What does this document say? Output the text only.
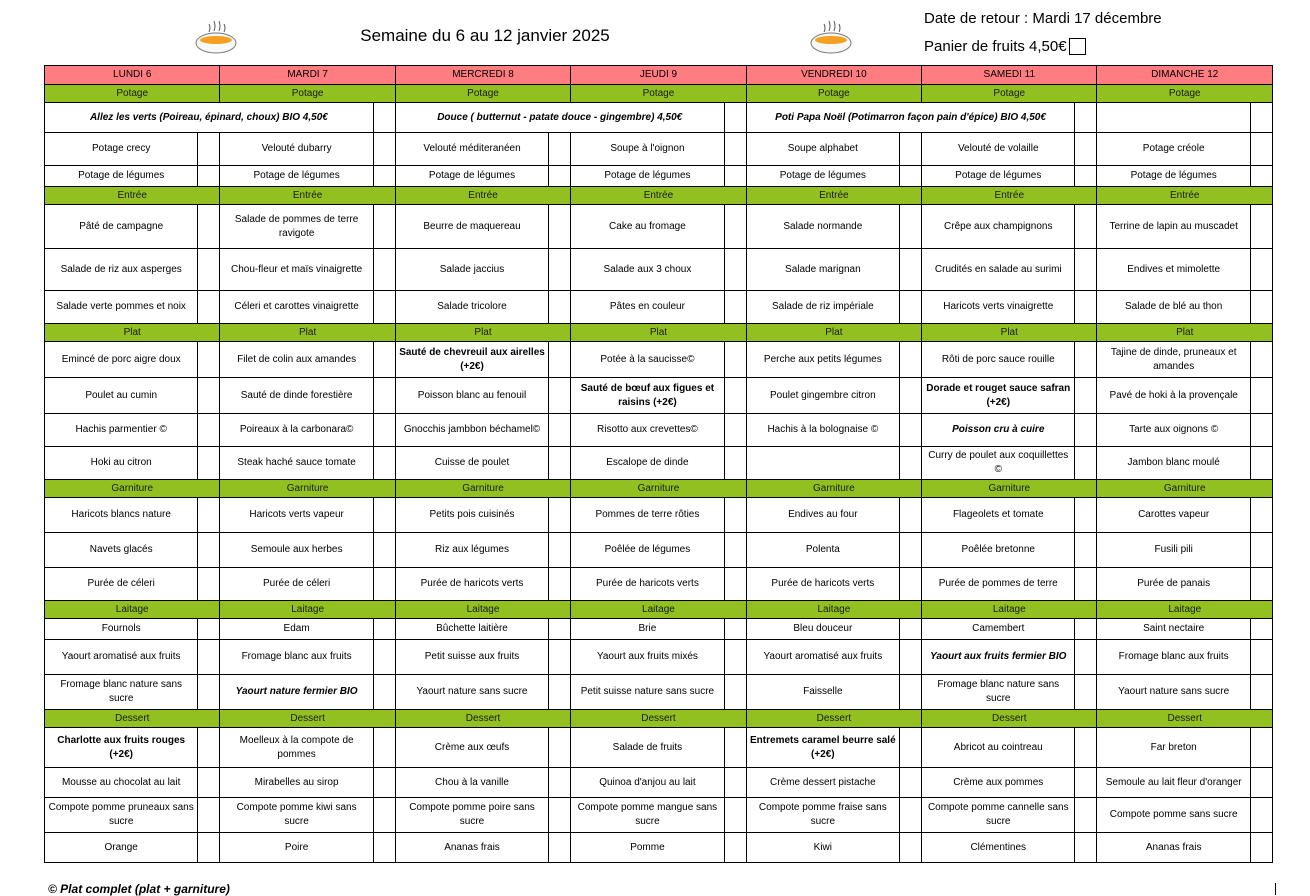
Semaine du 6 au 12 janvier 2025
Date de retour : Mardi 17 décembre
Panier de fruits 4,50€
LUNDI 6		MARDI 7		MERCREDI 8		JEUDI 9		VENDREDI 10		SAMEDI 11		DIMANCHE 12	
Potage		Potage		Potage		Potage		Potage		Potage		Potage	
Allez les verts (Poireau, épinard, choux) BIO 4,50€				Douce ( butternut - patate douce - gingembre) 4,50€				Poti Papa Noël (Potimarron façon pain d'épice) BIO 4,50€					
Potage crecy		Velouté dubarry		Velouté méditeranéen		Soupe à l'oignon		Soupe alphabet		Velouté de volaille		Potage créole	
Potage de légumes		Potage de légumes		Potage de légumes		Potage de légumes		Potage de légumes		Potage de légumes		Potage de légumes	
Entrée		Entrée		Entrée		Entrée		Entrée		Entrée		Entrée	
Pâté de campagne		Salade de pommes de terre ravigote		Beurre de maquereau		Cake au fromage		Salade normande		Crêpe aux champignons		Terrine de lapin au muscadet	
Salade de riz aux asperges		Chou-fleur et maïs vinaigrette		Salade jaccius		Salade aux 3 choux		Salade marignan		Crudités en salade au surimi		Endives et mimolette	
Salade verte pommes et noix		Céleri et carottes vinaigrette		Salade tricolore		Pâtes en couleur		Salade de riz impériale		Haricots verts vinaigrette		Salade de blé au thon	
Plat		Plat		Plat		Plat		Plat		Plat		Plat	
Emincé de porc aigre doux		Filet de colin aux amandes		Sauté de chevreuil aux airelles (+2€)		Potée à la saucisse©		Perche aux petits légumes		Rôti de porc sauce rouille		Tajine de dinde, pruneaux et amandes	
Poulet au cumin		Sauté de dinde forestière		Poisson blanc au fenouil		Sauté de bœuf aux figues et raisins (+2€)		Poulet gingembre citron		Dorade et rouget sauce safran (+2€)		Pavé de hoki à la provençale	
Hachis parmentier ©		Poireaux à la carbonara©		Gnocchis jambbon béchamel©		Risotto aux crevettes©		Hachis à la bolognaise ©		Poisson cru à cuire		Tarte aux oignons ©	
Hoki au citron		Steak haché sauce tomate		Cuisse de poulet		Escalope de dinde				Curry de poulet aux coquillettes ©		Jambon blanc moulé	
Garniture		Garniture		Garniture		Garniture		Garniture		Garniture		Garniture	
Haricots blancs nature		Haricots verts vapeur		Petits pois cuisinés		Pommes de terre rôties		Endives au four		Flageolets et tomate		Carottes vapeur	
Navets glacés		Semoule aux herbes		Riz aux légumes		Poêlée de légumes		Polenta		Poêlée bretonne		Fusili pili	
Purée de céleri		Purée de céleri		Purée de haricots verts		Purée de haricots verts		Purée de haricots verts		Purée de pommes de terre		Purée de panais	
Laitage		Laitage		Laitage		Laitage		Laitage		Laitage		Laitage	
Fournols		Edam		Bûchette laitière		Brie		Bleu douceur		Camembert		Saint nectaire	
Yaourt aromatisé aux fruits		Fromage blanc aux fruits		Petit suisse aux fruits		Yaourt aux fruits mixés		Yaourt aromatisé aux fruits		Yaourt aux fruits fermier BIO		Fromage blanc aux fruits	
Fromage blanc nature sans sucre		Yaourt nature fermier BIO		Yaourt nature sans sucre		Petit suisse nature sans sucre		Faisselle		Fromage blanc nature sans sucre		Yaourt nature sans sucre	
Dessert		Dessert		Dessert		Dessert		Dessert		Dessert		Dessert	
Charlotte aux fruits rouges (+2€)		Moelleux à la compote de pommes		Crème aux œufs		Salade de fruits		Entremets caramel beurre salé (+2€)		Abricot au cointreau		Far breton	
Mousse au chocolat au lait		Mirabelles au sirop		Chou à la vanille		Quinoa d'anjou au lait		Crème dessert pistache		Crème aux pommes		Semoule au lait fleur d'oranger	
Compote pomme pruneaux sans sucre		Compote pomme kiwi sans sucre		Compote pomme poire sans sucre		Compote pomme mangue sans sucre		Compote pomme fraise sans sucre		Compote pomme cannelle sans sucre		Compote pomme sans sucre	
Orange		Poire		Ananas frais		Pomme		Kiwi		Clémentines		Ananas frais	
© Plat complet (plat + garniture)
